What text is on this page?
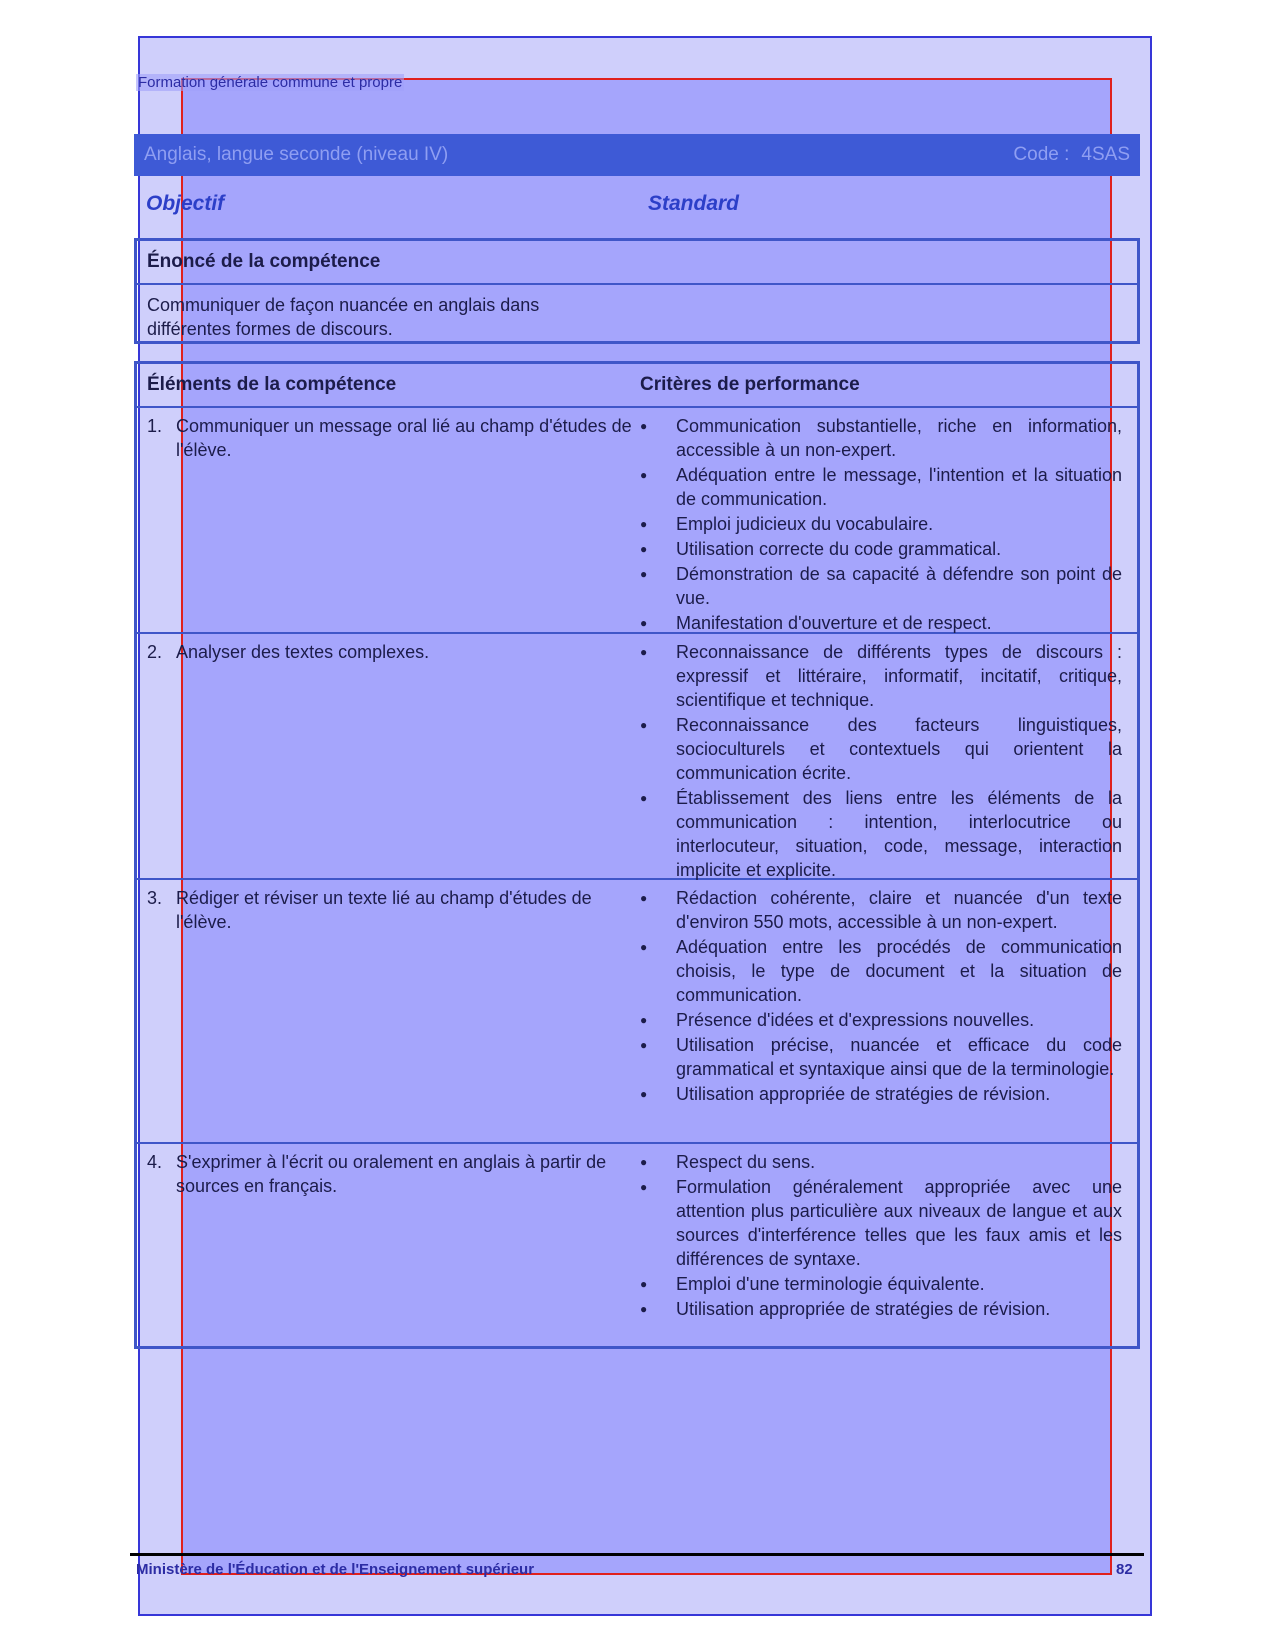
Formation générale commune et propre
Anglais, langue seconde (niveau IV)	Code : 4SAS
Objectif	Standard
Énoncé de la compétence
Communiquer de façon nuancée en anglais dans différentes formes de discours.
Éléments de la compétence	Critères de performance
1. Communiquer un message oral lié au champ d'études de l'élève.
●	Communication substantielle, riche en information, accessible à un non-expert.
●	Adéquation entre le message, l'intention et la situation de communication.
●	Emploi judicieux du vocabulaire.
●	Utilisation correcte du code grammatical.
●	Démonstration de sa capacité à défendre son point de vue.
●	Manifestation d'ouverture et de respect.
2. Analyser des textes complexes.	●	Reconnaissance de différents types de discours : expressif et littéraire, informatif, incitatif, critique, scientifique et technique.
●	Reconnaissance des facteurs linguistiques, socioculturels et contextuels qui orientent la communication écrite.
●	Établissement des liens entre les éléments de la communication : intention, interlocutrice ou interlocuteur, situation, code, message, interaction implicite et explicite.
3. Rédiger et réviser un texte lié au champ d'études de l'élève.
●	Rédaction cohérente, claire et nuancée d'un texte d'environ 550 mots, accessible à un non-expert.
●	Adéquation entre les procédés de communication choisis, le type de document et la situation de communication.
●	Présence d'idées et d'expressions nouvelles.
●	Utilisation précise, nuancée et efficace du code grammatical et syntaxique ainsi que de la terminologie.
●	Utilisation appropriée de stratégies de révision.
4. S'exprimer à l'écrit ou oralement en anglais à partir de sources en français.
●	Respect du sens.
●	Formulation généralement appropriée avec une attention plus particulière aux niveaux de langue et aux sources d'interférence telles que les faux amis et les différences de syntaxe.
●	Emploi d'une terminologie équivalente.
●	Utilisation appropriée de stratégies de révision.
Ministère de l'Éducation et de l'Enseignement supérieur	82
